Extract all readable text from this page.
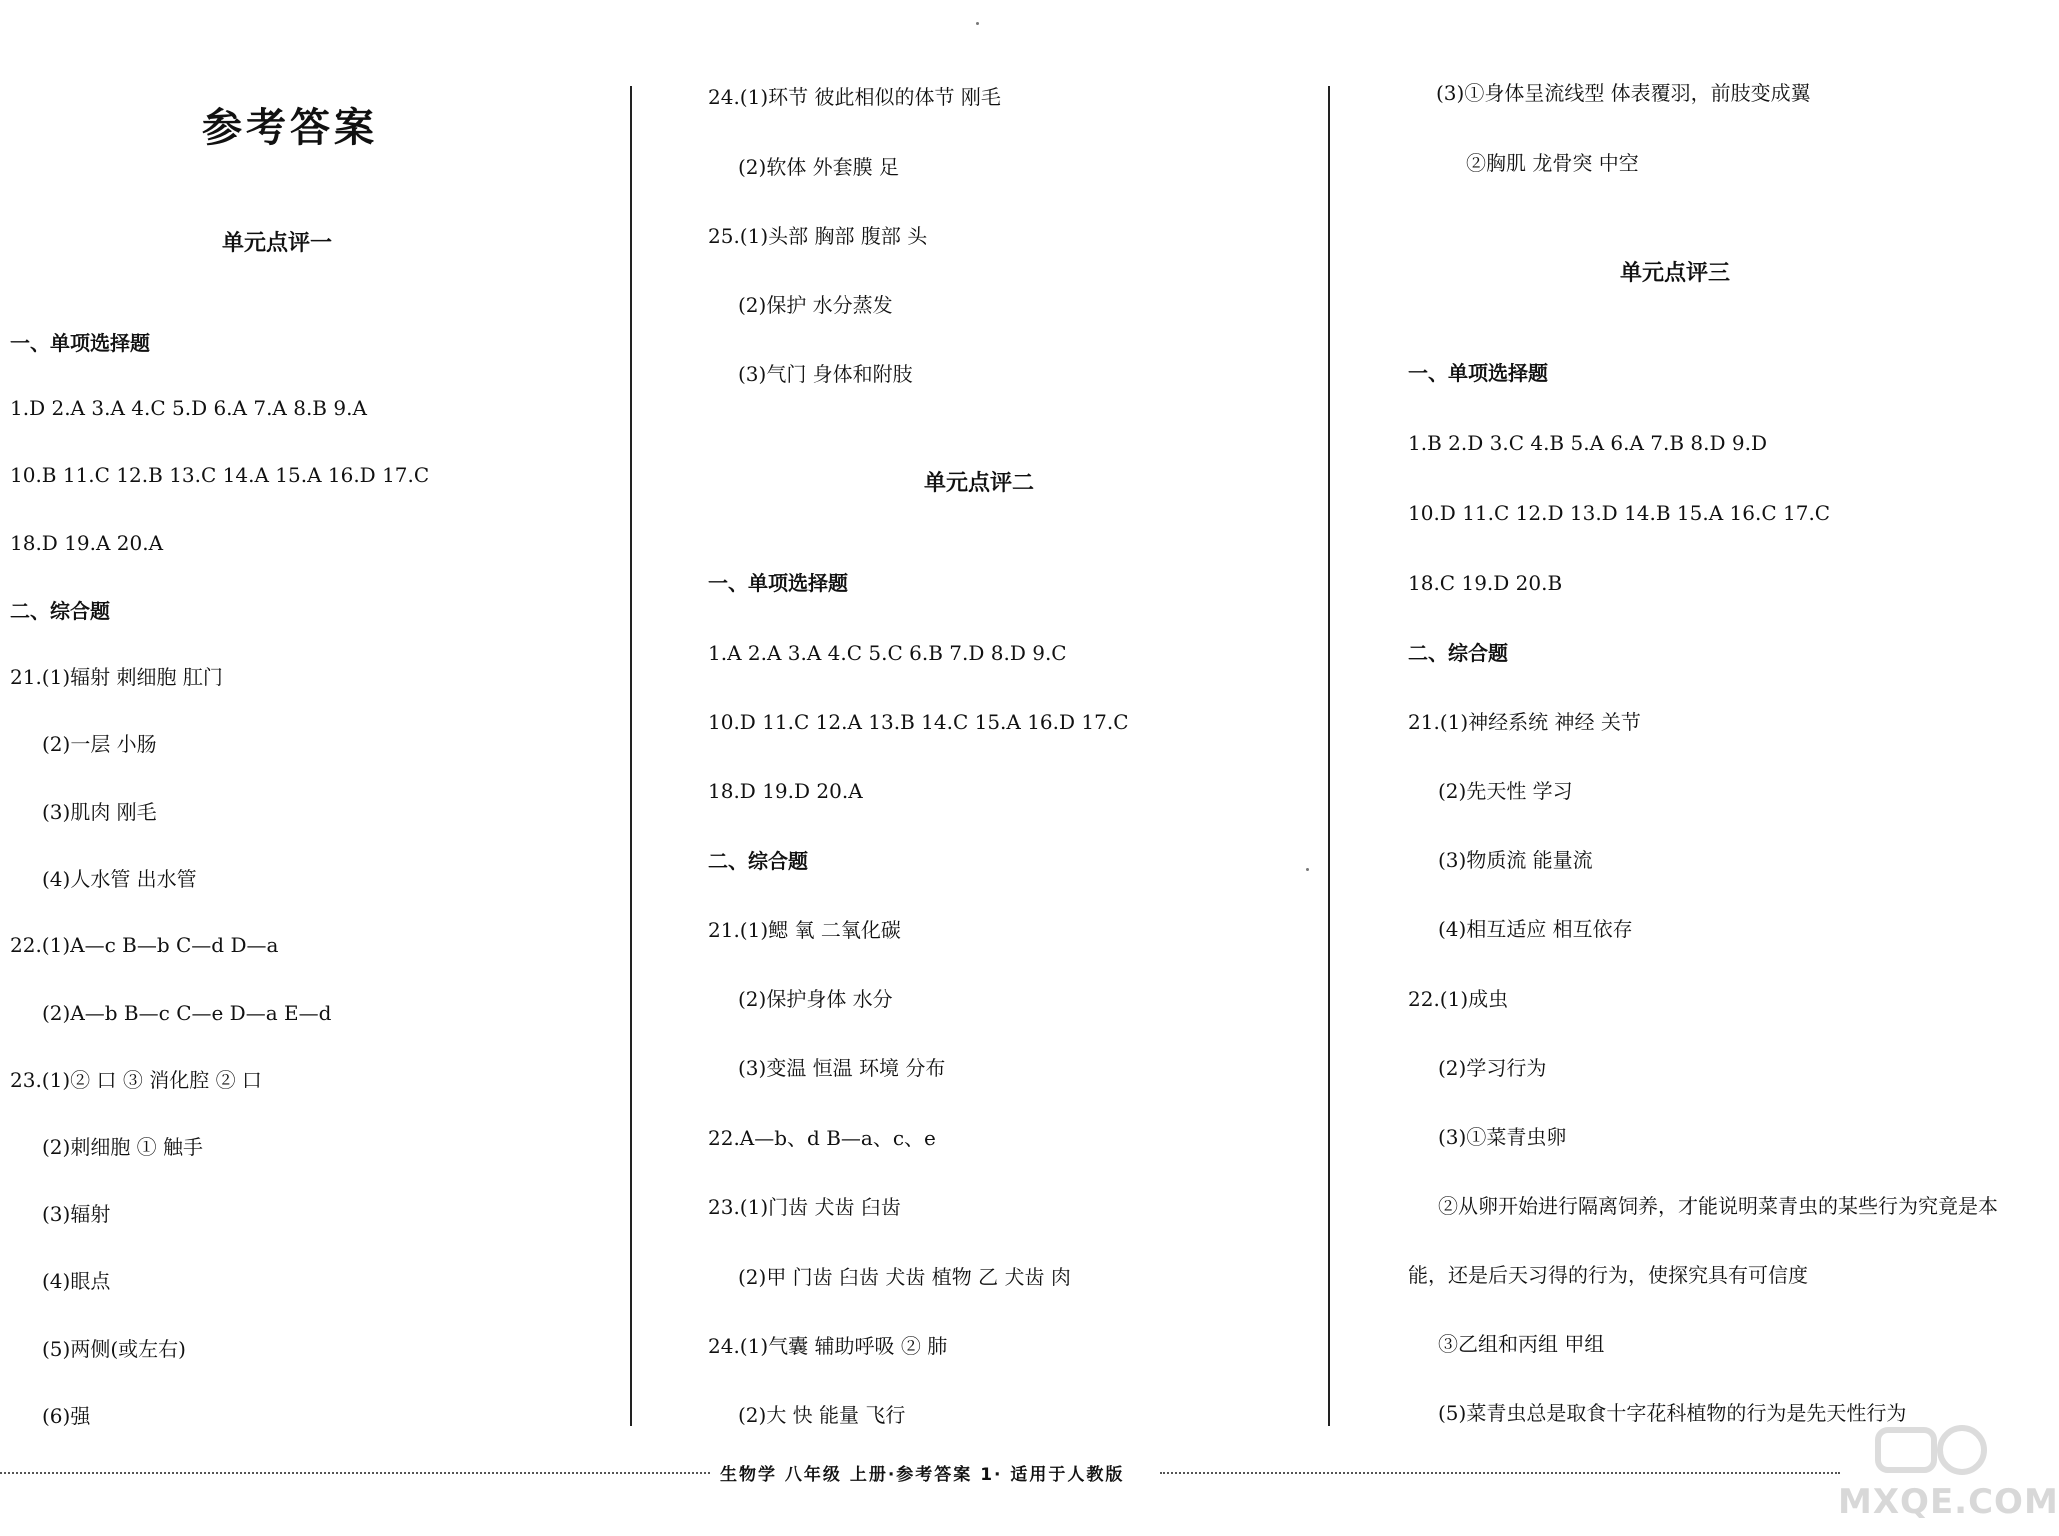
参考答案
单元点评一
一、单项选择题
1.D 2.A 3.A 4.C 5.D 6.A 7.A 8.B 9.A
10.B 11.C 12.B 13.C 14.A 15.A 16.D 17.C
18.D 19.A 20.A
二、综合题
21.(1)辐射 刺细胞 肛门
(2)一层 小肠
(3)肌肉 刚毛
(4)人水管 出水管
22.(1)A—c B—b C—d D—a
(2)A—b B—c C—e D—a E—d
23.(1)② 口 ③ 消化腔 ② 口
(2)刺细胞 ① 触手
(3)辐射
(4)眼点
(5)两侧(或左右)
(6)强
24.(1)环节 彼此相似的体节 刚毛
(2)软体 外套膜 足
25.(1)头部 胸部 腹部 头
(2)保护 水分蒸发
(3)气门 身体和附肢
单元点评二
一、单项选择题
1.A 2.A 3.A 4.C 5.C 6.B 7.D 8.D 9.C
10.D 11.C 12.A 13.B 14.C 15.A 16.D 17.C
18.D 19.D 20.A
二、综合题
21.(1)鳃 氧 二氧化碳
(2)保护身体 水分
(3)变温 恒温 环境 分布
22.A—b、d B—a、c、e
23.(1)门齿 犬齿 臼齿
(2)甲 门齿 臼齿 犬齿 植物 乙 犬齿 肉
24.(1)气囊 辅助呼吸 ② 肺
(2)大 快 能量 飞行
(3)①身体呈流线型 体表覆羽，前肢变成翼
②胸肌 龙骨突 中空
单元点评三
一、单项选择题
1.B 2.D 3.C 4.B 5.A 6.A 7.B 8.D 9.D
10.D 11.C 12.D 13.D 14.B 15.A 16.C 17.C
18.C 19.D 20.B
二、综合题
21.(1)神经系统 神经 关节
(2)先天性 学习
(3)物质流 能量流
(4)相互适应 相互依存
22.(1)成虫
(2)学习行为
(3)①菜青虫卵
②从卵开始进行隔离饲养，才能说明菜青虫的某些行为究竟是本
能，还是后天习得的行为，使探究具有可信度
③乙组和丙组 甲组
(5)菜青虫总是取食十字花科植物的行为是先天性行为
生物学 八年级 上册·参考答案 1· 适用于人教版
MXQE.COM
